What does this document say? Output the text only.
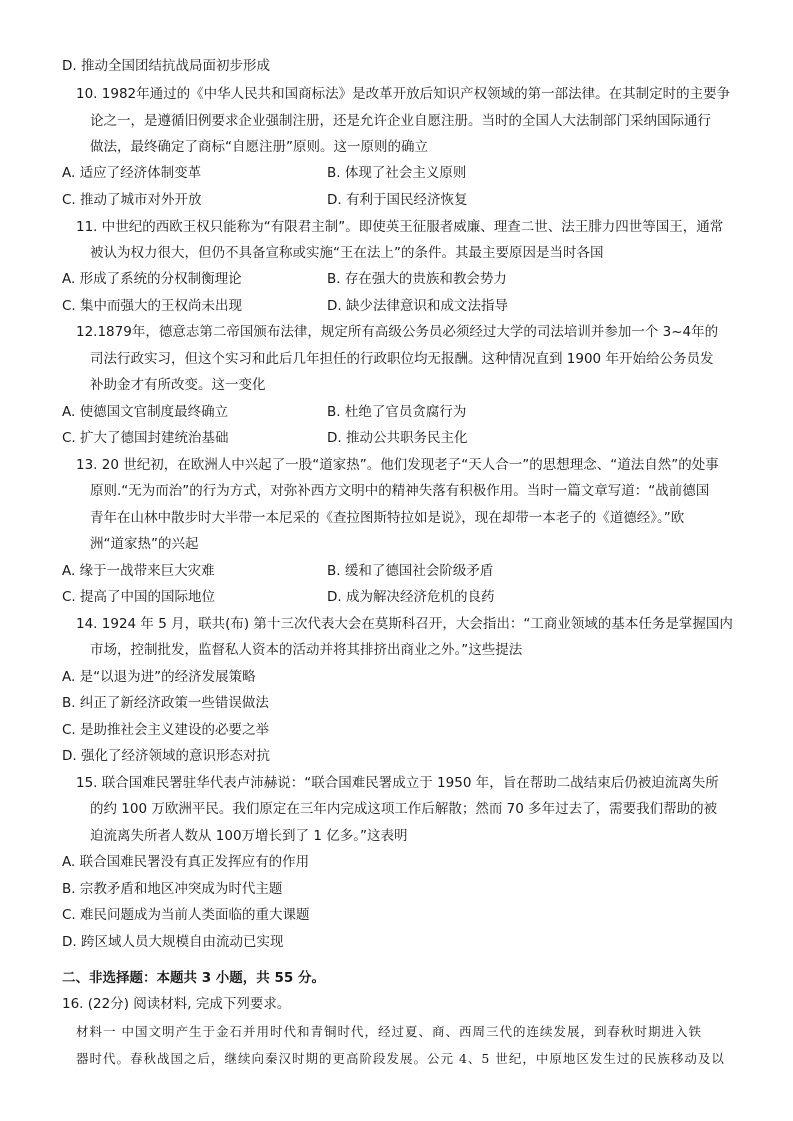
D. 推动全国团结抗战局面初步形成
10. 1982年通过的《中华人民共和国商标法》是改革开放后知识产权领域的第一部法律。在其制定时的主要争
论之一，是遵循旧例要求企业强制注册，还是允许企业自愿注册。当时的全国人大法制部门采纳国际通行
做法，最终确定了商标“自愿注册”原则。这一原则的确立
A. 适应了经济体制变革	B. 体现了社会主义原则
C. 推动了城市对外开放	D. 有利于国民经济恢复
11. 中世纪的西欧王权只能称为“有限君主制”。即使英王征服者威廉、理查二世、法王腓力四世等国王，通常
被认为权力很大，但仍不具备宣称或实施“王在法上”的条件。其最主要原因是当时各国
A. 形成了系统的分权制衡理论	B. 存在强大的贵族和教会势力
C. 集中而强大的王权尚未出现	D. 缺少法律意识和成文法指导
12.1879年，德意志第二帝国颁布法律，规定所有高级公务员必须经过大学的司法培训并参加一个 3~4年的
司法行政实习，但这个实习和此后几年担任的行政职位均无报酬。这种情况直到 1900 年开始给公务员发
补助金才有所改变。这一变化
A. 使德国文官制度最终确立	B. 杜绝了官员贪腐行为
C. 扩大了德国封建统治基础	D. 推动公共职务民主化
13. 20 世纪初，在欧洲人中兴起了一股“道家热”。他们发现老子“天人合一”的思想理念、“道法自然”的处事
原则.“无为而治”的行为方式，对弥补西方文明中的精神失落有积极作用。当时一篇文章写道：“战前德国
青年在山林中散步时大半带一本尼采的《查拉图斯特拉如是说》，现在却带一本老子的《道德经》。”欧
洲“道家热”的兴起
A. 缘于一战带来巨大灾难	B. 缓和了德国社会阶级矛盾
C. 提高了中国的国际地位	D. 成为解决经济危机的良药
14. 1924 年 5 月，联共(布) 第十三次代表大会在莫斯科召开，大会指出：“工商业领域的基本任务是掌握国内
市场，控制批发，监督私人资本的活动并将其排挤出商业之外。”这些提法
A. 是“以退为进”的经济发展策略
B. 纠正了新经济政策一些错误做法
C. 是助推社会主义建设的必要之举
D. 强化了经济领域的意识形态对抗
15. 联合国难民署驻华代表卢沛赫说：“联合国难民署成立于 1950 年，旨在帮助二战结束后仍被迫流离失所
的约 100 万欧洲平民。我们原定在三年内完成这项工作后解散；然而 70 多年过去了，需要我们帮助的被
迫流离失所者人数从 100万增长到了 1 亿多。”这表明
A. 联合国难民署没有真正发挥应有的作用
B. 宗教矛盾和地区冲突成为时代主题
C. 难民问题成为当前人类面临的重大课题
D. 跨区域人员大规模自由流动已实现
二、非选择题：本题共 3 小题，共 55 分。
16. (22分) 阅读材料, 完成下列要求。
材料一 中国文明产生于金石并用时代和青铜时代，经过夏、商、西周三代的连续发展，到春秋时期进入铁
器时代。春秋战国之后，继续向秦汉时期的更高阶段发展。公元 4、5 世纪，中原地区发生过的民族移动及以
